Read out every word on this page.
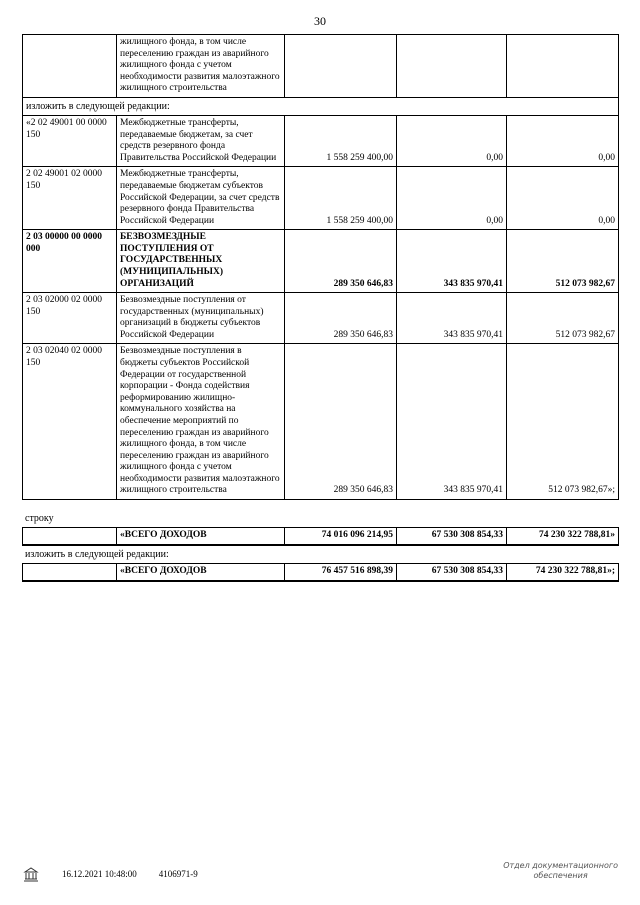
30
	жилищного фонда, в том числе переселению граждан из аварийного жилищного фонда с учетом необходимости развития малоэтажного жилищного строительства			
изложить в следующей редакции:				
«2 02 49001 00 0000 150	Межбюджетные трансферты, передаваемые бюджетам, за счет средств резервного фонда Правительства Российской Федерации	1 558 259 400,00	0,00	0,00
2 02 49001 02 0000 150	Межбюджетные трансферты, передаваемые бюджетам субъектов Российской Федерации, за счет средств резервного фонда Правительства Российской Федерации	1 558 259 400,00	0,00	0,00
2 03 00000 00 0000 000	БЕЗВОЗМЕЗДНЫЕ ПОСТУПЛЕНИЯ ОТ ГОСУДАРСТВЕННЫХ (МУНИЦИПАЛЬНЫХ) ОРГАНИЗАЦИЙ	289 350 646,83	343 835 970,41	512 073 982,67
2 03 02000 02 0000 150	Безвозмездные поступления от государственных (муниципальных) организаций в бюджеты субъектов Российской Федерации	289 350 646,83	343 835 970,41	512 073 982,67
2 03 02040 02 0000 150	Безвозмездные поступления в бюджеты субъектов Российской Федерации от государственной корпорации - Фонда содействия реформированию жилищно-коммунального хозяйства на обеспечение мероприятий по переселению граждан из аварийного жилищного фонда, в том числе переселению граждан из аварийного жилищного фонда с учетом необходимости развития малоэтажного жилищного строительства	289 350 646,83	343 835 970,41	512 073 982,67»;
строку
	«ВСЕГО ДОХОДОВ	74 016 096 214,95	67 530 308 854,33	74 230 322 788,81»
изложить в следующей редакции:
	«ВСЕГО ДОХОДОВ	76 457 516 898,39	67 530 308 854,33	74 230 322 788,81»;
16.12.2021 10:48:00 4106971-9
Отдел документационного
обеспечения
